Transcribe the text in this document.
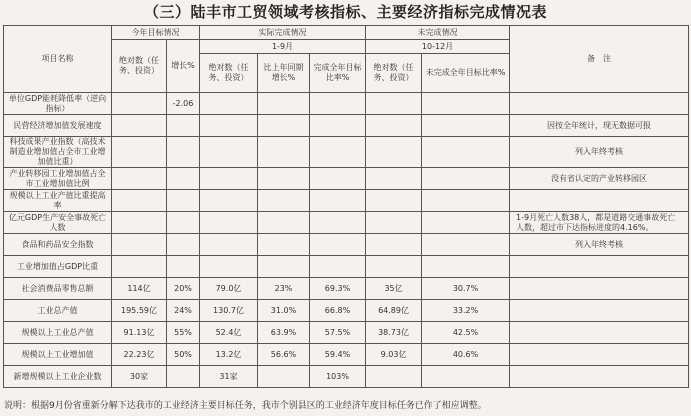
（三）陆丰市工贸领域考核指标、主要经济指标完成情况表
项目名称	今年目标情况		实际完成情况			未完成情况		备　注
	绝对数（任务、投资）	增长%	1-9月			10-12月		
			绝对数（任务、投资）	比上年同期增长%	完成全年目标比率%	绝对数（任务、投资）	未完成全年目标比率%	
单位GDP能耗降低率（逆向指标）		-2.06						
民营经济增加值发展速度								因按全年统计，现无数据可报
科技成果产业指数（高技术制造业增加值占全市工业增加值比重）								列入年终考核
产业转移园工业增加值占全市工业增加值比例								没有省认定的产业转移园区
规模以上工业产值比重提高率								
亿元GDP生产安全事故死亡人数								1-9月死亡人数38人，都是道路交通事故死亡人数，超过市下达指标进度的4.16%。
食品和药品安全指数								列入年终考核
工业增加值占GDP比重								
社会消费品零售总额	114亿	20%	79.0亿	23%	69.3%	35亿	30.7%	
工业总产值	195.59亿	24%	130.7亿	31.0%	66.8%	64.89亿	33.2%	
规模以上工业总产值	91.13亿	55%	52.4亿	63.9%	57.5%	38.73亿	42.5%	
规模以上工业增加值	22.23亿	50%	13.2亿	56.6%	59.4%	9.03亿	40.6%	
新增规模以上工业企业数	30家		31家		103%			
说明：根据9月份省重新分解下达我市的工业经济主要目标任务，我市个别县区的工业经济年度目标任务已作了相应调整。
